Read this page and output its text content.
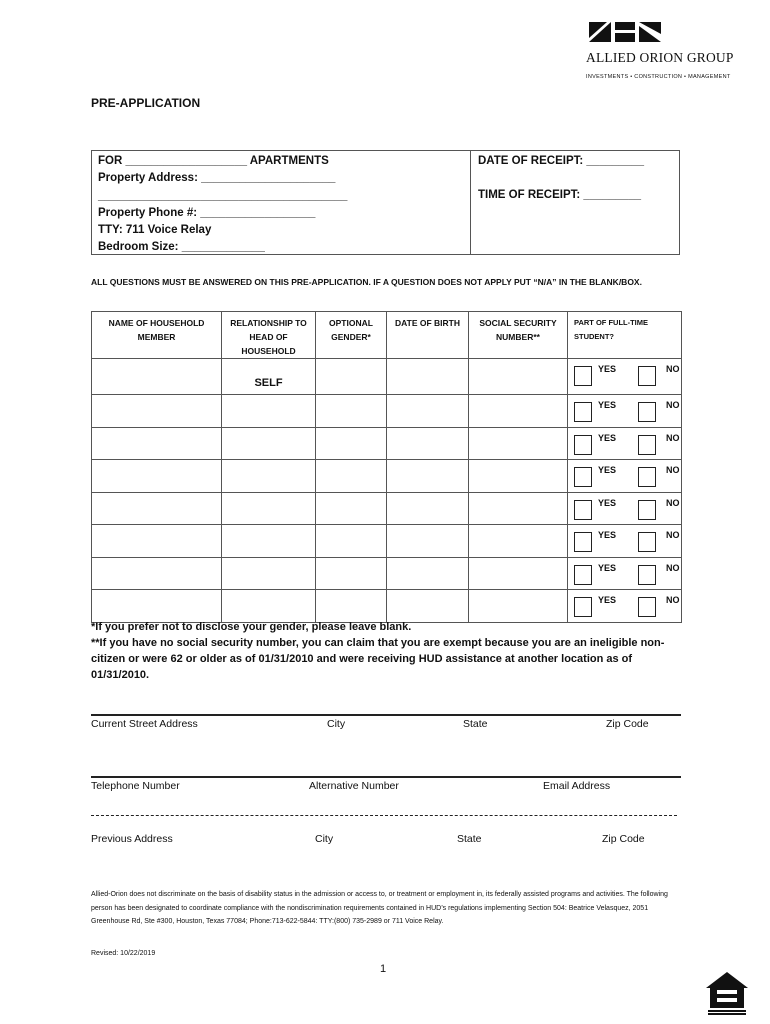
ALLIED ORION GROUP
INVESTMENTS • CONSTRUCTION • MANAGEMENT
PRE-APPLICATION
FOR ___________________ APARTMENTS
Property Address: _____________________
_______________________________________
Property Phone #: __________________
TTY: 711 Voice Relay
Bedroom Size: _____________
DATE OF RECEIPT: _________
TIME OF RECEIPT: _________
ALL QUESTIONS MUST BE ANSWERED ON THIS PRE-APPLICATION. IF A QUESTION DOES NOT APPLY PUT “N/A” IN THE BLANK/BOX.
NAME OF HOUSEHOLD MEMBER	RELATIONSHIP TO HEAD OF HOUSEHOLD	OPTIONAL GENDER*	DATE OF BIRTH	SOCIAL SECURITY NUMBER**	PART OF FULL-TIME STUDENT?

	SELF				YES NO

					YES NO

					YES NO

					YES NO

					YES NO

					YES NO

					YES NO

					YES NO
*If you prefer not to disclose your gender, please leave blank.
**If you have no social security number, you can claim that you are exempt because you are an ineligible non-citizen or were 62 or older as of 01/31/2010 and were receiving HUD assistance at another location as of 01/31/2010.
Current Street Address	City	State	Zip Code
Telephone Number	Alternative Number	Email Address
Previous Address	City	State	Zip Code
Allied-Orion does not discriminate on the basis of disability status in the admission or access to, or treatment or employment in, its federally assisted programs and activities. The following person has been designated to coordinate compliance with the nondiscrimination requirements contained in HUD’s regulations implementing Section 504: Beatrice Velasquez, 2051 Greenhouse Rd, Ste #300, Houston, Texas 77084; Phone:713-622-5844: TTY:(800) 735-2989 or 711 Voice Relay.
Revised: 10/22/2019
1
